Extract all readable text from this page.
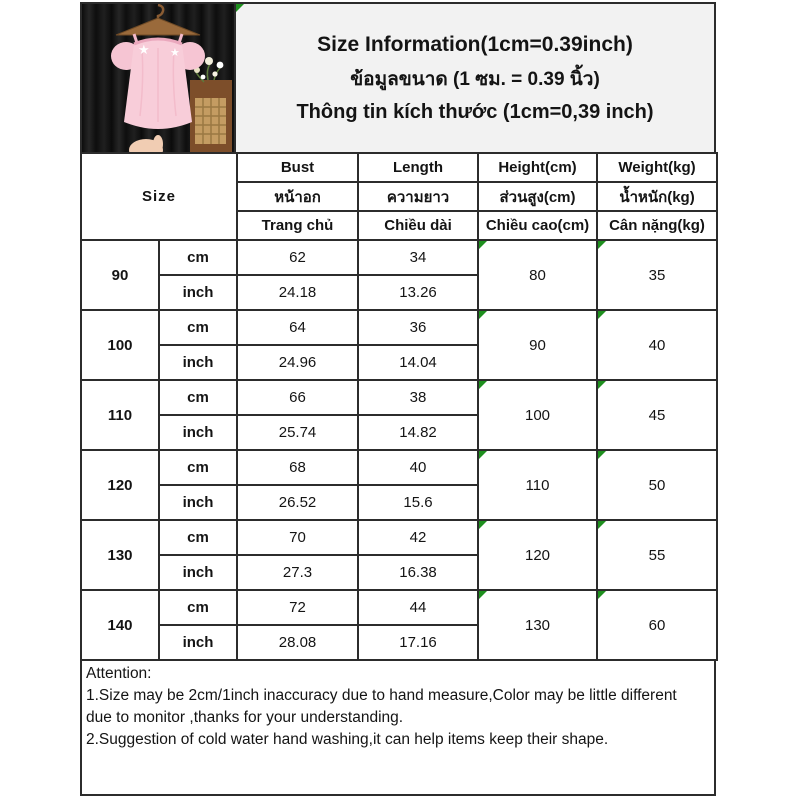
★ ★	Size Information(1cm=0.39inch)
ข้อมูลขนาด (1 ซม. = 0.39 นิ้ว)
Thông tin kích thước (1cm=0,39 inch)
Size		Bust	Length	Height(cm)	Weight(kg)
		หน้าอก	ความยาว	ส่วนสูง(cm)	น้ำหนัก(kg)
		Trang chủ	Chiều dài	Chiều cao(cm)	Cân nặng(kg)
90	cm	62	34	80	35
	inch	24.18	13.26		
100	cm	64	36	90	40
	inch	24.96	14.04		
110	cm	66	38	100	45
	inch	25.74	14.82		
120	cm	68	40	110	50
	inch	26.52	15.6		
130	cm	70	42	120	55
	inch	27.3	16.38		
140	cm	72	44	130	60
	inch	28.08	17.16		
Attention:
1.Size may be 2cm/1inch inaccuracy due to hand measure,Color may be little different due to monitor ,thanks for your understanding.
2.Suggestion of cold water hand washing,it can help items keep their shape.
